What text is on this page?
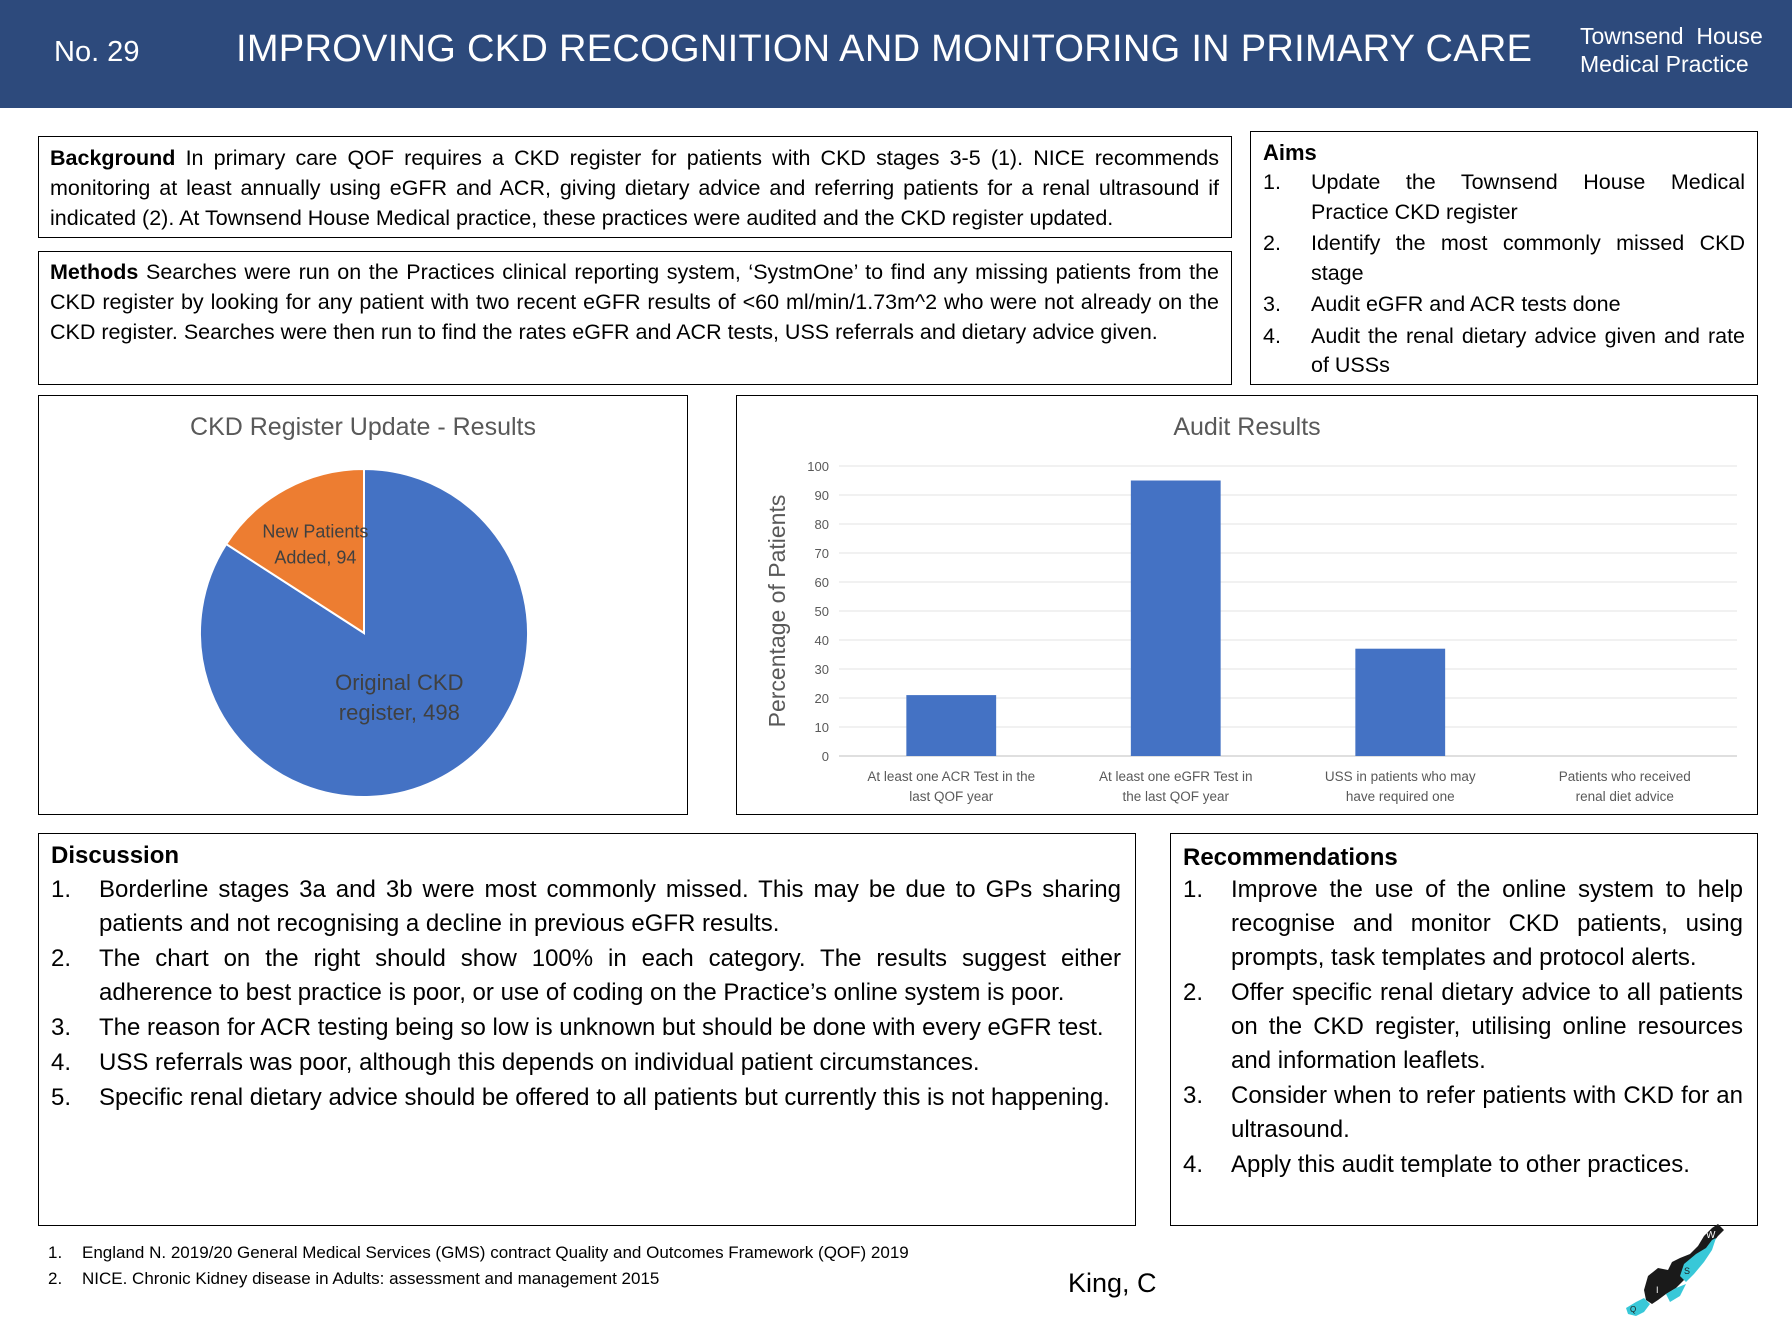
No. 29	IMPROVING CKD RECOGNITION AND MONITORING IN PRIMARY CARE Townsend  House
Medical Practice

Background In primary care QOF requires a CKD register for patients with CKD stages 3-5 (1). NICE recommends monitoring at least annually using eGFR and ACR, giving dietary advice and referring patients for a renal ultrasound if indicated (2). At Townsend House Medical practice, these practices were audited and the CKD register updated.

Methods Searches were run on the Practices clinical reporting system, ‘SystmOne’ to find any missing patients from the CKD register by looking for any patient with two recent eGFR results of <60 ml/min/1.73m^2 who were not already on the CKD register. Searches were then run to find the rates eGFR and ACR tests, USS referrals and dietary advice given.

Aims
1. Update the Townsend House Medical Practice CKD register
2. Identify the most commonly missed CKD stage
3. Audit eGFR and ACR tests done
4. Audit the renal dietary advice given and rate of USSs
CKD Register Update - Results
Original CKD
register, 498
New Patients
Added, 94
Audit Results
0
10
20
30
40
50
60
70
80
90
100
Percentage of Patients
At least one ACR Test in the
last QOF year
At least one eGFR Test in
the last QOF year
USS in patients who may
have required one
Patients who received
renal diet advice
Discussion
1. Borderline stages 3a and 3b were most commonly missed. This may be due to GPs sharing patients and not recognising a decline in previous eGFR results.
2. The chart on the right should show 100% in each category. The results suggest either adherence to best practice is poor, or use of coding on the Practice’s online system is poor.
3. The reason for ACR testing being so low is unknown but should be done with every eGFR test.
4. USS referrals was poor, although this depends on individual patient circumstances.
5. Specific renal dietary advice should be offered to all patients but currently this is not happening.
Recommendations
1. Improve the use of the online system to help recognise and monitor CKD patients, using prompts, task templates and protocol alerts.
2. Offer specific renal dietary advice to all patients on the CKD register, utilising online resources and information leaflets.
3. Consider when to refer patients with CKD for an ultrasound.
4. Apply this audit template to other practices.
1. England N. 2019/20 General Medical Services (GMS) contract Quality and Outcomes Framework (QOF) 2019
2. NICE. Chronic Kidney disease in Adults: assessment and management 2015	King, C
W
S
I
Q
